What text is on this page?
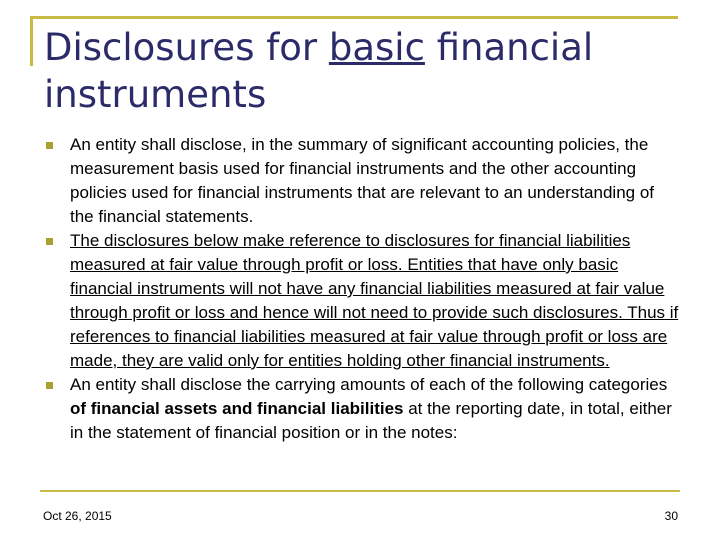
Disclosures for basic financial instruments
An entity shall disclose, in the summary of significant accounting policies, the measurement basis used for financial instruments and the other accounting policies used for financial instruments that are relevant to an understanding of the financial statements.
The disclosures below make reference to disclosures for financial liabilities measured at fair value through profit or loss. Entities that have only basic financial instruments will not have any financial liabilities measured at fair value through profit or loss and hence will not need to provide such disclosures. Thus if references to financial liabilities measured at fair value through profit or loss are made, they are valid only for entities holding other financial instruments.
An entity shall disclose the carrying amounts of each of the following categories of financial assets and financial liabilities at the reporting date, in total, either in the statement of financial position or in the notes:
Oct 26, 2015	30
